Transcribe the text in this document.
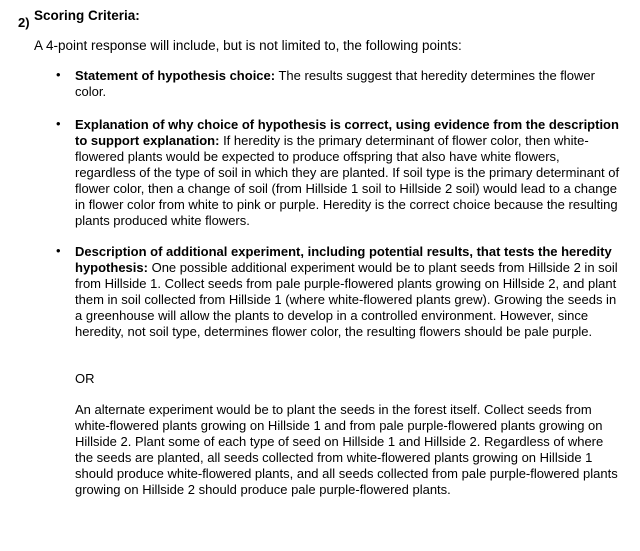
2) Scoring Criteria:
A 4-point response will include, but is not limited to, the following points:
• Statement of hypothesis choice: The results suggest that heredity determines the flower color.
• Explanation of why choice of hypothesis is correct, using evidence from the description to support explanation: If heredity is the primary determinant of flower color, then white-flowered plants would be expected to produce offspring that also have white flowers, regardless of the type of soil in which they are planted. If soil type is the primary determinant of flower color, then a change of soil (from Hillside 1 soil to Hillside 2 soil) would lead to a change in flower color from white to pink or purple. Heredity is the correct choice because the resulting plants produced white flowers.
• Description of additional experiment, including potential results, that tests the heredity hypothesis: One possible additional experiment would be to plant seeds from Hillside 2 in soil from Hillside 1. Collect seeds from pale purple-flowered plants growing on Hillside 2, and plant them in soil collected from Hillside 1 (where white-flowered plants grew). Growing the seeds in a greenhouse will allow the plants to develop in a controlled environment. However, since heredity, not soil type, determines flower color, the resulting flowers should be pale purple.
OR
An alternate experiment would be to plant the seeds in the forest itself. Collect seeds from white-flowered plants growing on Hillside 1 and from pale purple-flowered plants growing on Hillside 2. Plant some of each type of seed on Hillside 1 and Hillside 2. Regardless of where the seeds are planted, all seeds collected from white-flowered plants growing on Hillside 1 should produce white-flowered plants, and all seeds collected from pale purple-flowered plants growing on Hillside 2 should produce pale purple-flowered plants.
